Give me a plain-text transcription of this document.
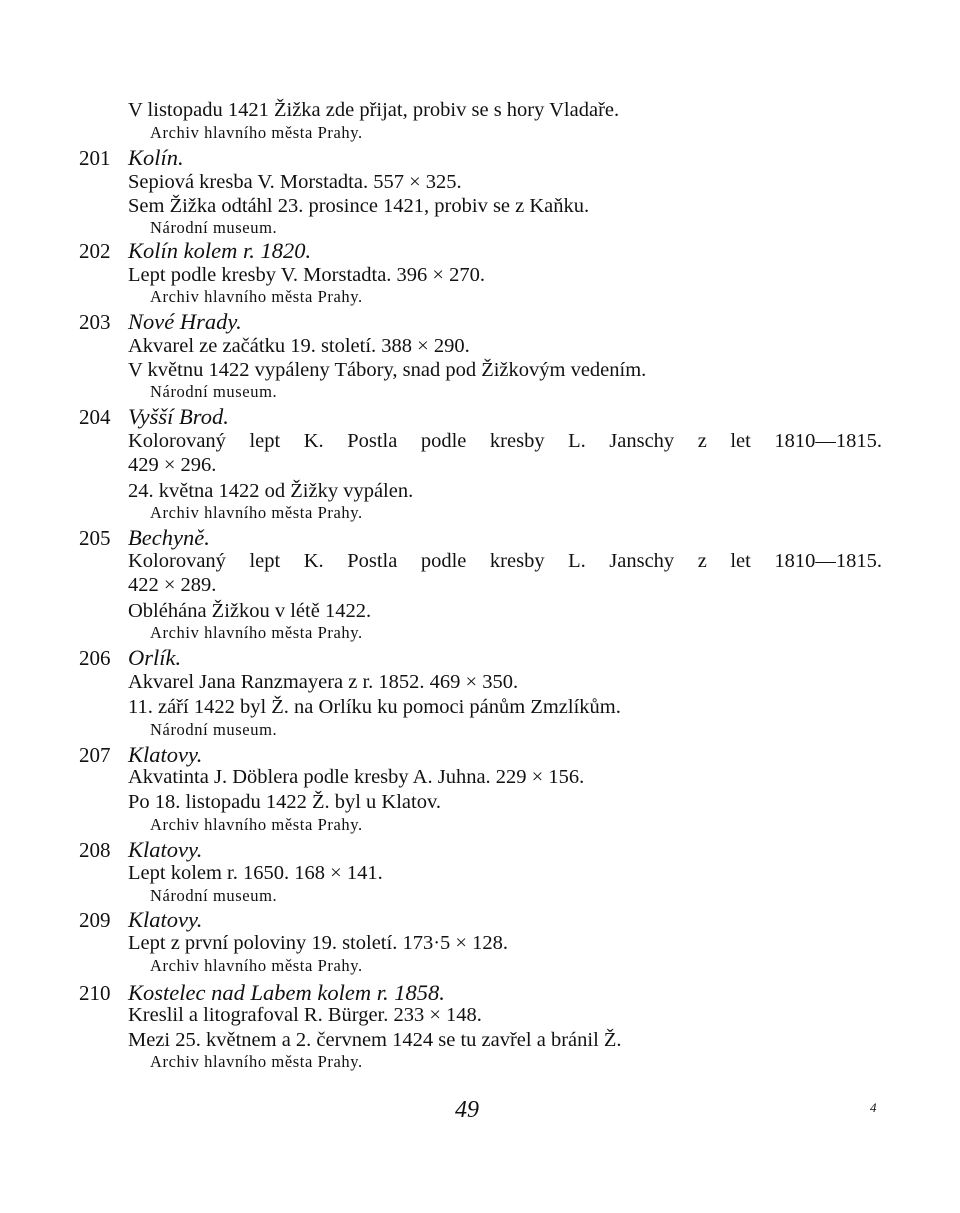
V listopadu 1421 Žižka zde přijat, probiv se s hory Vladaře.
Archiv hlavního města Prahy.
201 Kolín.
Sepiová kresba V. Morstadta. 557 × 325.
Sem Žižka odtáhl 23. prosince 1421, probiv se z Kaňku.
Národní museum.
202 Kolín kolem r. 1820.
Lept podle kresby V. Morstadta. 396 × 270.
Archiv hlavního města Prahy.
203 Nové Hrady.
Akvarel ze začátku 19. století. 388 × 290.
V květnu 1422 vypáleny Tábory, snad pod Žižkovým vedením.
Národní museum.
204 Vyšší Brod.
Kolorovaný lept K. Postla podle kresby L. Janschy z let 1810—1815.
429 × 296.
24. května 1422 od Žižky vypálen.
Archiv hlavního města Prahy.
205 Bechyně.
Kolorovaný lept K. Postla podle kresby L. Janschy z let 1810—1815.
422 × 289.
Obléhána Žižkou v létě 1422.
Archiv hlavního města Prahy.
206 Orlík.
Akvarel Jana Ranzmayera z r. 1852. 469 × 350.
11. září 1422 byl Ž. na Orlíku ku pomoci pánům Zmzlíkům.
Národní museum.
207 Klatovy.
Akvatinta J. Döblera podle kresby A. Juhna. 229 × 156.
Po 18. listopadu 1422 Ž. byl u Klatov.
Archiv hlavního města Prahy.
208 Klatovy.
Lept kolem r. 1650. 168 × 141.
Národní museum.
209 Klatovy.
Lept z první poloviny 19. století. 173·5 × 128.
Archiv hlavního města Prahy.
210 Kostelec nad Labem kolem r. 1858.
Kreslil a litografoval R. Bürger. 233 × 148.
Mezi 25. květnem a 2. červnem 1424 se tu zavřel a bránil Ž.
Archiv hlavního města Prahy.
49	4
